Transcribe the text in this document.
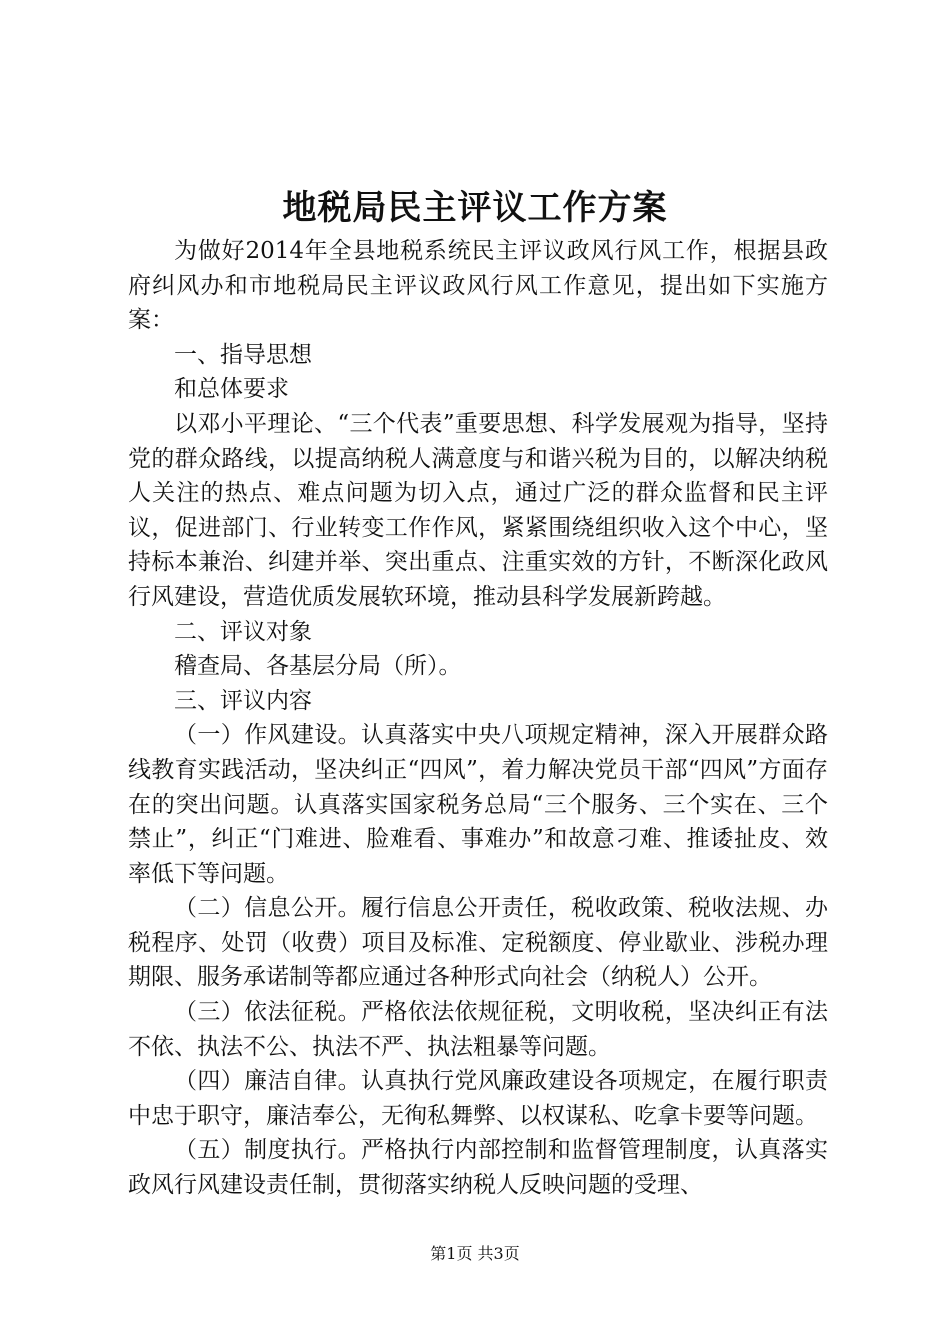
地税局民主评议工作方案

为做好2014年全县地税系统民主评议政风行风工作，根据县政府纠风办和市地税局民主评议政风行风工作意见，提出如下实施方案：

一、指导思想

和总体要求

以邓小平理论、“三个代表”重要思想、科学发展观为指导，坚持党的群众路线，以提高纳税人满意度与和谐兴税为目的，以解决纳税人关注的热点、难点问题为切入点，通过广泛的群众监督和民主评议，促进部门、行业转变工作作风，紧紧围绕组织收入这个中心，坚持标本兼治、纠建并举、突出重点、注重实效的方针，不断深化政风行风建设，营造优质发展软环境，推动县科学发展新跨越。

二、评议对象

稽查局、各基层分局（所）。

三、评议内容

（一）作风建设。认真落实中央八项规定精神，深入开展群众路线教育实践活动，坚决纠正“四风”，着力解决党员干部“四风”方面存在的突出问题。认真落实国家税务总局“三个服务、三个实在、三个禁止”，纠正“门难进、脸难看、事难办”和故意刁难、推诿扯皮、效率低下等问题。

（二）信息公开。履行信息公开责任，税收政策、税收法规、办税程序、处罚（收费）项目及标准、定税额度、停业歇业、涉税办理期限、服务承诺制等都应通过各种形式向社会（纳税人）公开。

（三）依法征税。严格依法依规征税，文明收税，坚决纠正有法不依、执法不公、执法不严、执法粗暴等问题。

（四）廉洁自律。认真执行党风廉政建设各项规定，在履行职责中忠于职守，廉洁奉公，无徇私舞弊、以权谋私、吃拿卡要等问题。

（五）制度执行。严格执行内部控制和监督管理制度，认真落实政风行风建设责任制，贯彻落实纳税人反映问题的受理、

第1页 共3页
